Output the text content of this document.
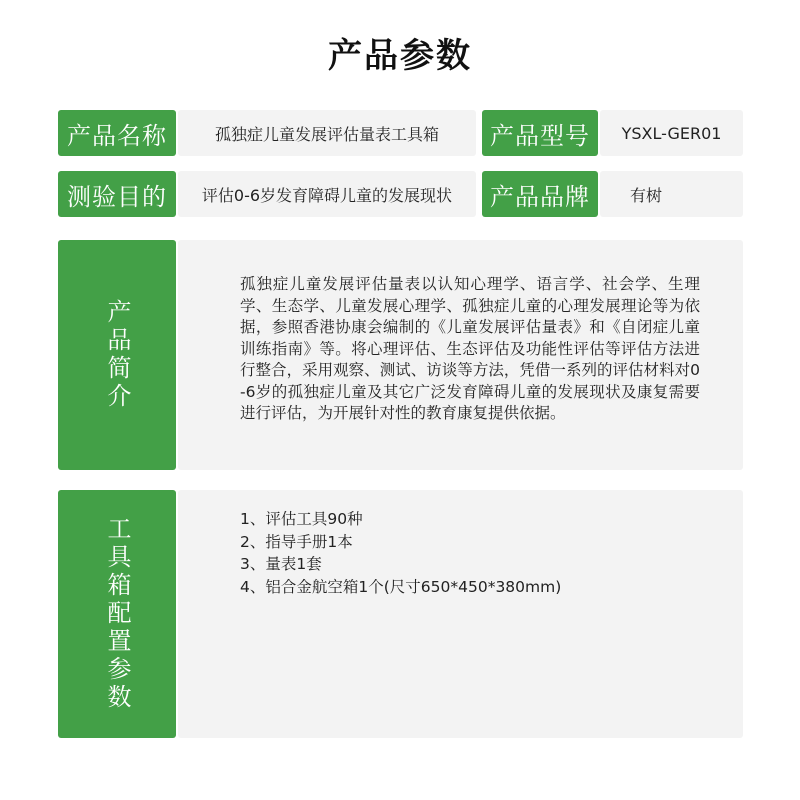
产品参数
产品名称	孤独症儿童发展评估量表工具箱	产品型号	YSXL-GER01
测验目的	评估0-6岁发育障碍儿童的发展现状	产品品牌	有树
产品简介
孤独症儿童发展评估量表以认知心理学、语言学、社会学、生理学、生态学、儿童发展心理学、孤独症儿童的心理发展理论等为依据，参照香港协康会编制的《儿童发展评估量表》和《自闭症儿童训练指南》等。将心理评估、生态评估及功能性评估等评估方法进行整合，采用观察、测试、访谈等方法，凭借一系列的评估材料对0-6岁的孤独症儿童及其它广泛发育障碍儿童的发展现状及康复需要进行评估，为开展针对性的教育康复提供依据。
工具箱配置参数	1、评估工具90种
2、指导手册1本
3、量表1套
4、铝合金航空箱1个(尺寸650*450*380mm)
